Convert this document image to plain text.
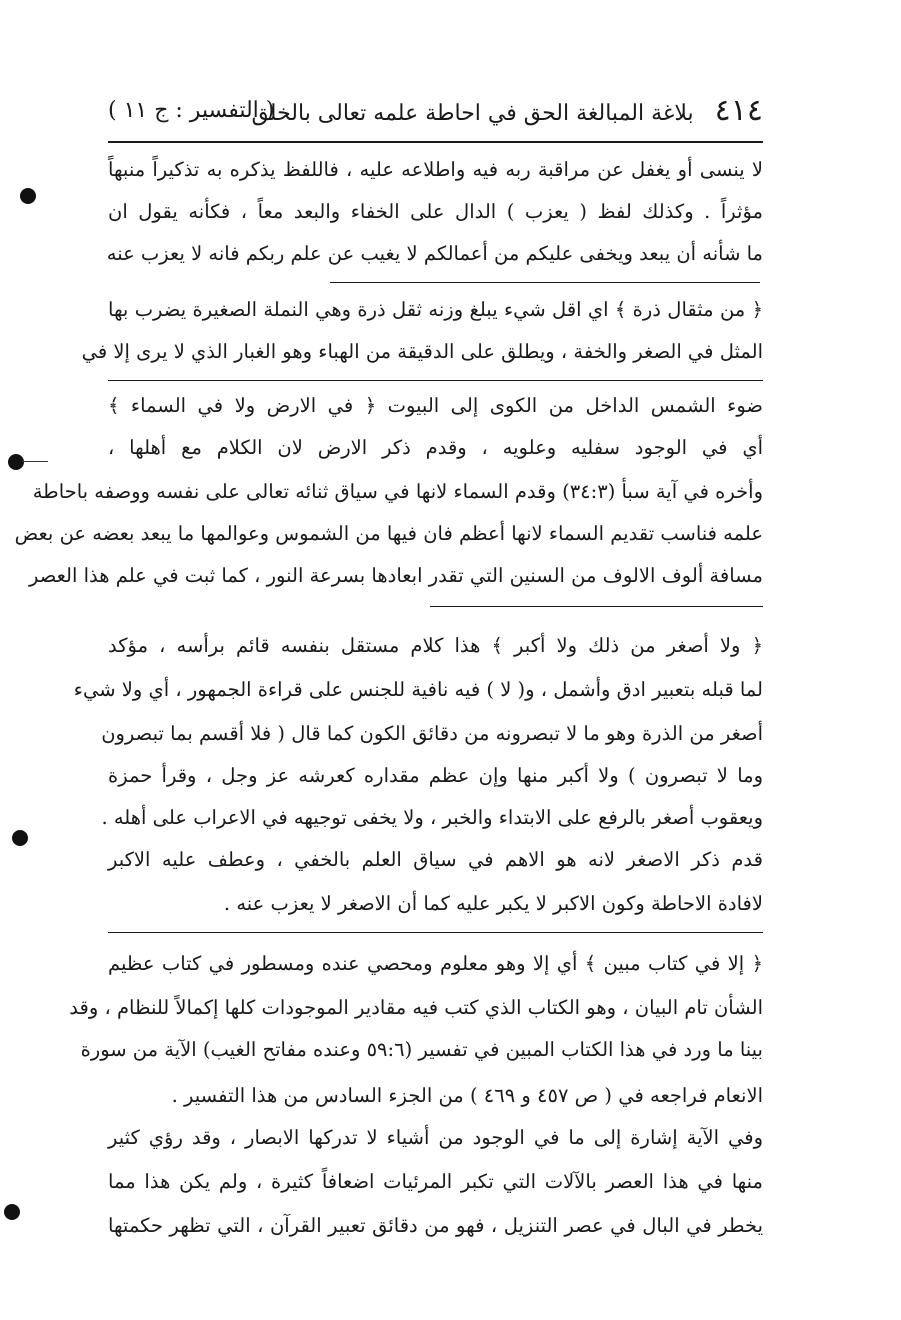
٤١٤ بلاغة المبالغة الحق في احاطة علمه تعالى بالخلق
( التفسير : ج ١١ )
لا ينسى أو يغفل عن مراقبة ربه فيه واطلاعه عليه ، فاللفظ يذكره به تذكيراً منبهاً
مؤثراً . وكذلك لفظ ( يعزب ) الدال على الخفاء والبعد معاً ، فكأنه يقول ان
ما شأنه أن يبعد ويخفى عليكم من أعمالكم لا يغيب عن علم ربكم فانه لا يعزب عنه
﴿ من مثقال ذرة ﴾ اي اقل شيء يبلغ وزنه ثقل ذرة وهي النملة الصغيرة يضرب بها
المثل في الصغر والخفة ، ويطلق على الدقيقة من الهباء وهو الغبار الذي لا يرى إلا في
ضوء الشمس الداخل من الكوى إلى البيوت ﴿ في الارض ولا في السماء ﴾
أي في الوجود سفليه وعلويه ، وقدم ذكر الارض لان الكلام مع أهلها ،
وأخره في آية سبأ (٣٤:٣) وقدم السماء لانها في سياق ثنائه تعالى على نفسه ووصفه باحاطة
علمه فناسب تقديم السماء لانها أعظم فان فيها من الشموس وعوالمها ما يبعد بعضه عن بعض
مسافة ألوف الالوف من السنين التي تقدر ابعادها بسرعة النور ، كما ثبت في علم هذا العصر
﴿ ولا أصغر من ذلك ولا أكبر ﴾ هذا كلام مستقل بنفسه قائم برأسه ، مؤكد
لما قبله بتعبير ادق وأشمل ، و( لا ) فيه نافية للجنس على قراءة الجمهور ، أي ولا شيء
أصغر من الذرة وهو ما لا تبصرونه من دقائق الكون كما قال ( فلا أقسم بما تبصرون
وما لا تبصرون ) ولا أكبر منها وإن عظم مقداره كعرشه عز وجل ، وقرأ حمزة
ويعقوب أصغر بالرفع على الابتداء والخبر ، ولا يخفى توجيهه في الاعراب على أهله .
قدم ذكر الاصغر لانه هو الاهم في سياق العلم بالخفي ، وعطف عليه الاكبر
لافادة الاحاطة وكون الاكبر لا يكبر عليه كما أن الاصغر لا يعزب عنه .
﴿ إلا في كتاب مبين ﴾ أي إلا وهو معلوم ومحصي عنده ومسطور في كتاب عظيم
الشأن تام البيان ، وهو الكتاب الذي كتب فيه مقادير الموجودات كلها إكمالاً للنظام ، وقد
بينا ما ورد في هذا الكتاب المبين في تفسير (٥٩:٦ وعنده مفاتح الغيب) الآية من سورة
الانعام فراجعه في ( ص ٤٥٧ و ٤٦٩ ) من الجزء السادس من هذا التفسير .
وفي الآية إشارة إلى ما في الوجود من أشياء لا تدركها الابصار ، وقد رؤي كثير
منها في هذا العصر بالآلات التي تكبر المرئيات اضعافاً كثيرة ، ولم يكن هذا مما
يخطر في البال في عصر التنزيل ، فهو من دقائق تعبير القرآن ، التي تظهر حكمتها
